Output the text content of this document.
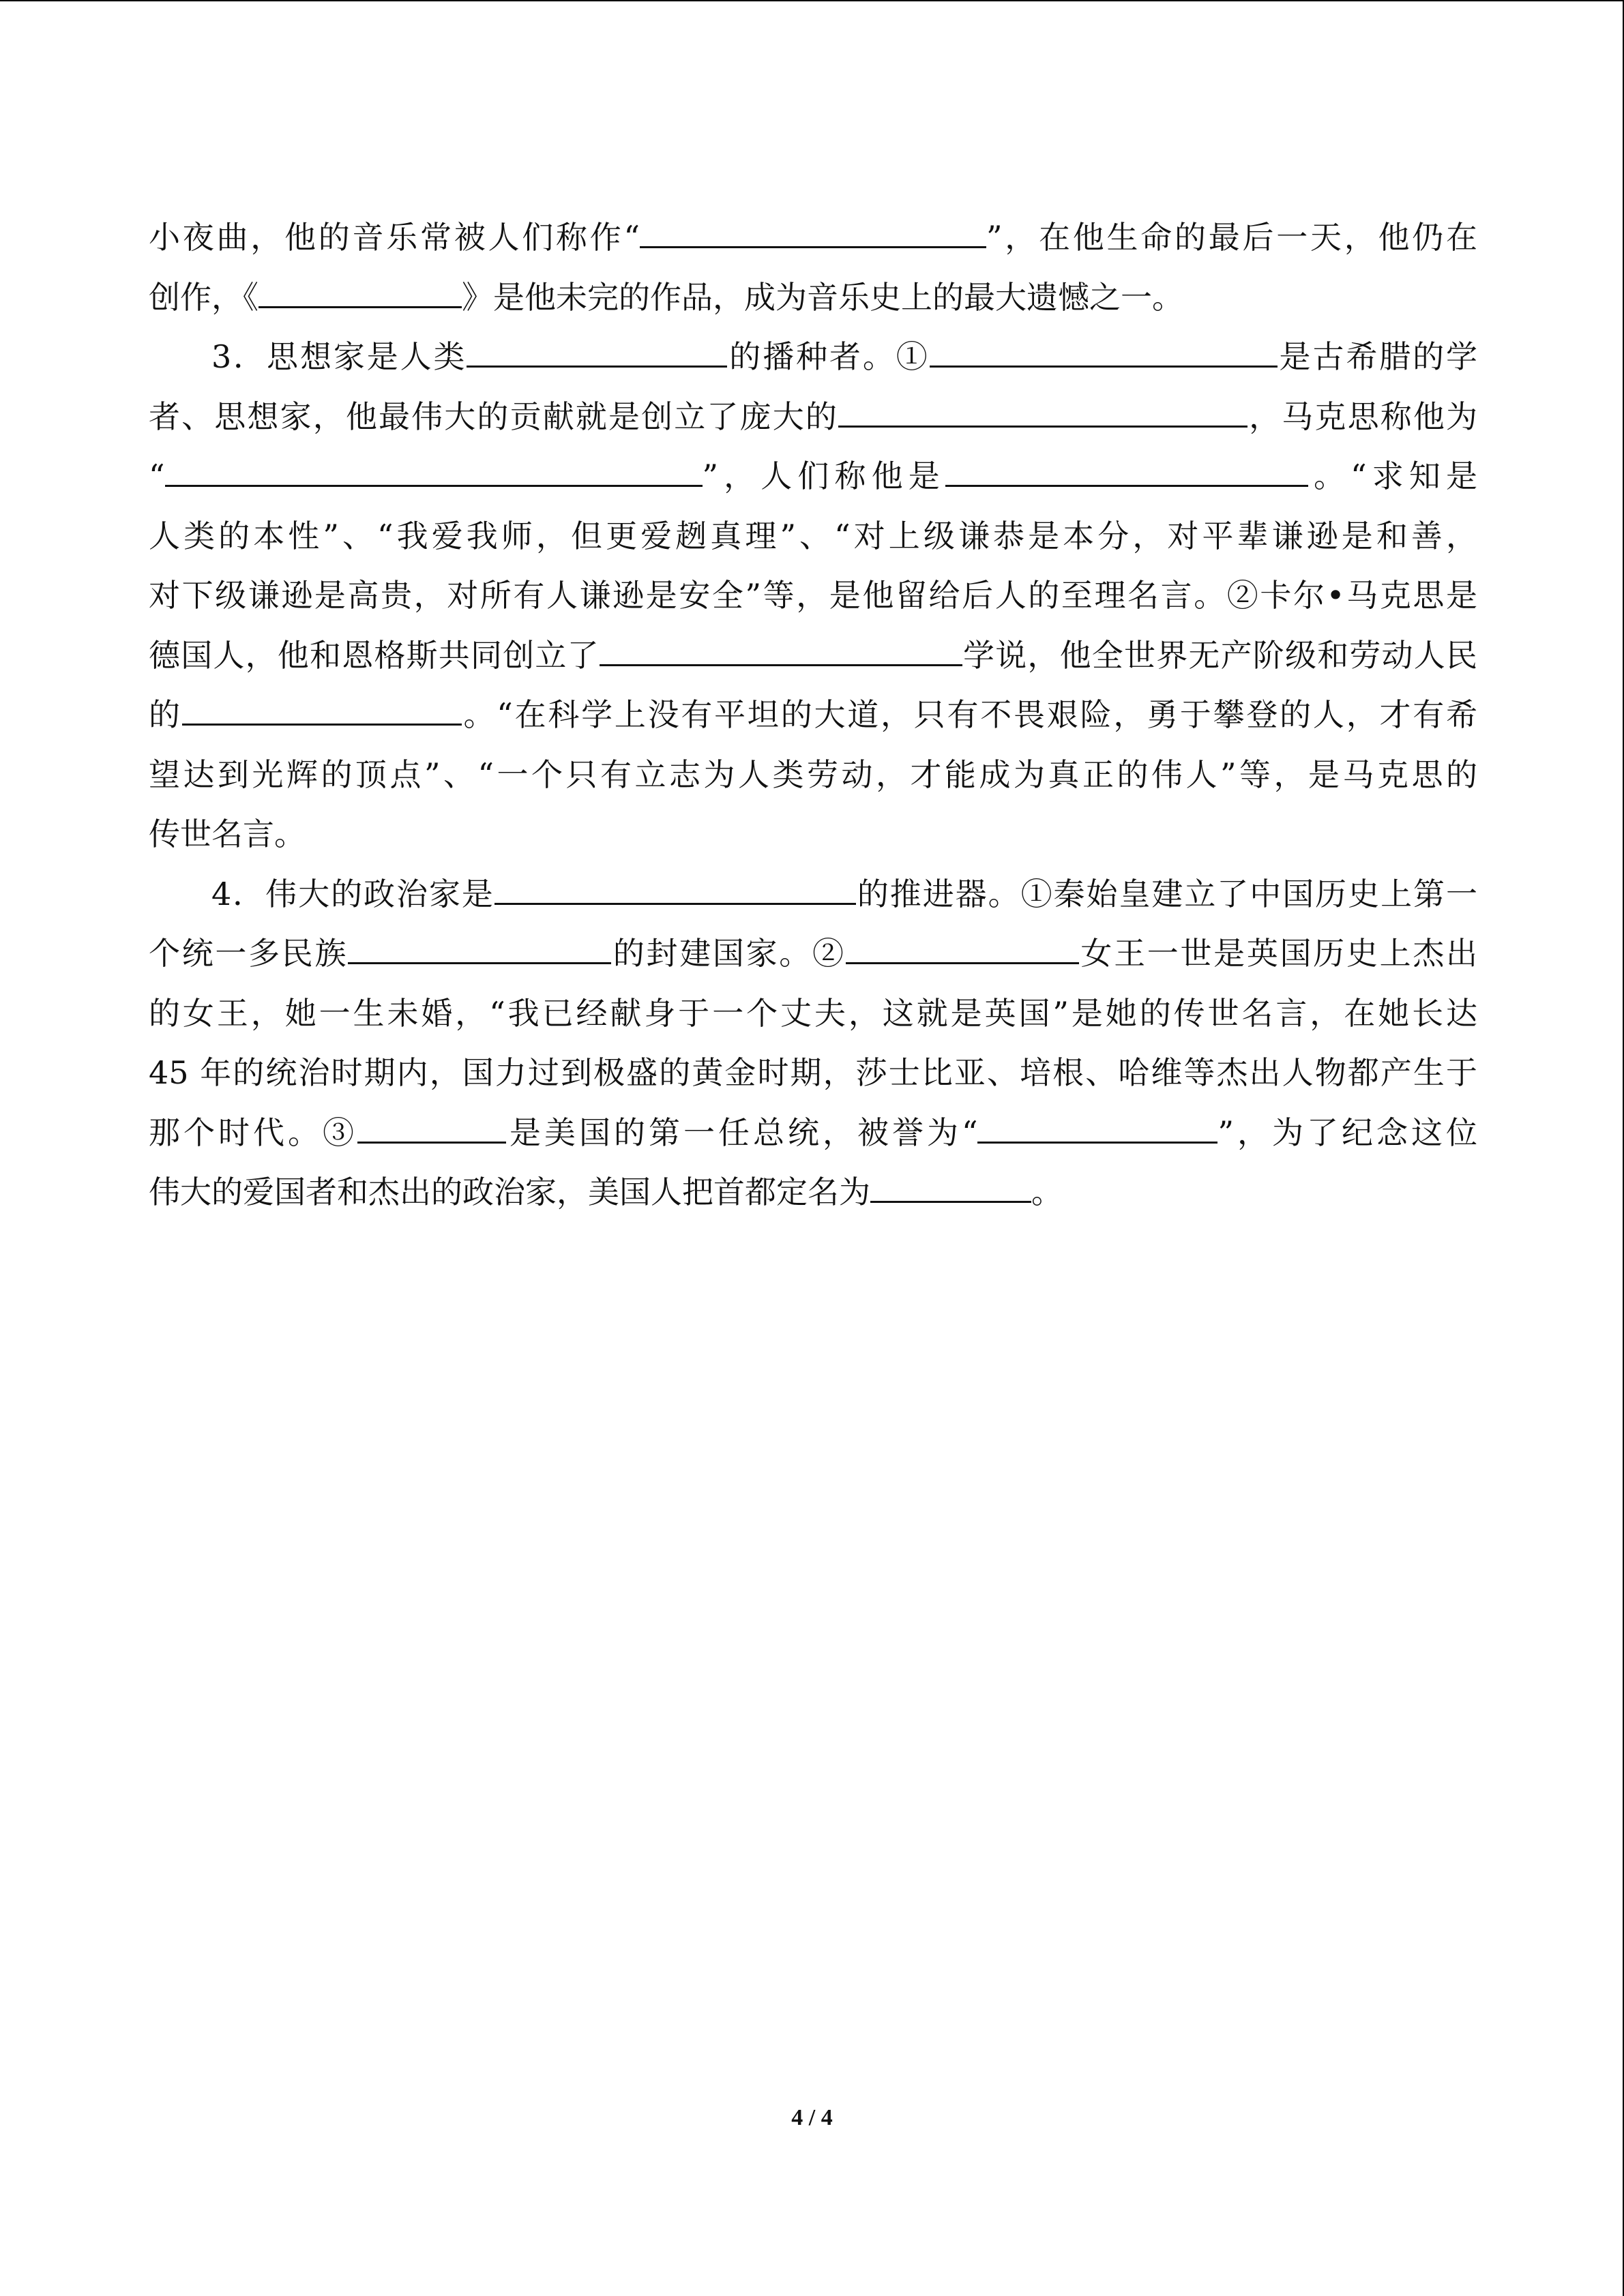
小夜曲，他的音乐常被人们称作“	”，在他生命的最后一天，他仍在
创作，《	》是他未完的作品，成为音乐史上的最大遗憾之一。
3．思想家是人类	的播种者。①	是古希腊的学
者、思想家，他最伟大的贡献就是创立了庞大的	，马克思称他为
“	”，人们称他是	。“求知是
人类的本性”、“我爱我师，但更爱趔真理”、“对上级谦恭是本分，对平辈谦逊是和善，
对下级谦逊是高贵，对所有人谦逊是安全”等，是他留给后人的至理名言。②卡尔•马克思是
德国人，他和恩格斯共同创立了	学说，他全世界无产阶级和劳动人民
的	。“在科学上没有平坦的大道，只有不畏艰险，勇于攀登的人，才有希
望达到光辉的顶点”、“一个只有立志为人类劳动，才能成为真正的伟人”等，是马克思的
传世名言。
4．伟大的政治家是	的推进器。①秦始皇建立了中国历史上第一
个统一多民族	的封建国家。②	女王一世是英国历史上杰出
的女王，她一生未婚，“我已经献身于一个丈夫，这就是英国”是她的传世名言，在她长达
45 年的统治时期内，国力过到极盛的黄金时期，莎士比亚、培根、哈维等杰出人物都产生于
那个时代。③	是美国的第一任总统，被誉为“	”，为了纪念这位
伟大的爱国者和杰出的政治家，美国人把首都定名为	。
4 / 4
